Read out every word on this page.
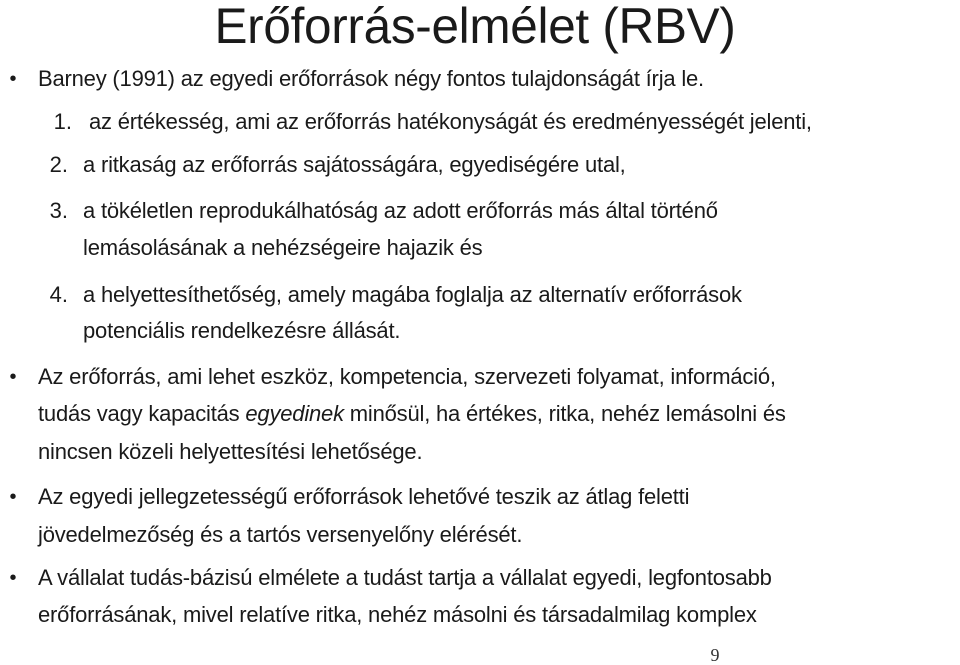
Erőforrás-elmélet (RBV)
• Barney (1991) az egyedi erőforrások négy fontos tulajdonságát írja le.
1. az értékesség, ami az erőforrás hatékonyságát és eredményességét jelenti,
2. a ritkaság az erőforrás sajátosságára, egyediségére utal,
3. a tökéletlen reprodukálhatóság az adott erőforrás más által történő
lemásolásának a nehézségeire hajazik és
4. a helyettesíthetőség, amely magába foglalja az alternatív erőforrások
potenciális rendelkezésre állását.
• Az erőforrás, ami lehet eszköz, kompetencia, szervezeti folyamat, információ,
tudás vagy kapacitás egyedinek minősül, ha értékes, ritka, nehéz lemásolni és
nincsen közeli helyettesítési lehetősége.
• Az egyedi jellegzetességű erőforrások lehetővé teszik az átlag feletti
jövedelmezőség és a tartós versenyelőny elérését.
• A vállalat tudás-bázisú elmélete a tudást tartja a vállalat egyedi, legfontosabb
erőforrásának, mivel relatíve ritka, nehéz másolni és társadalmilag komplex
9
